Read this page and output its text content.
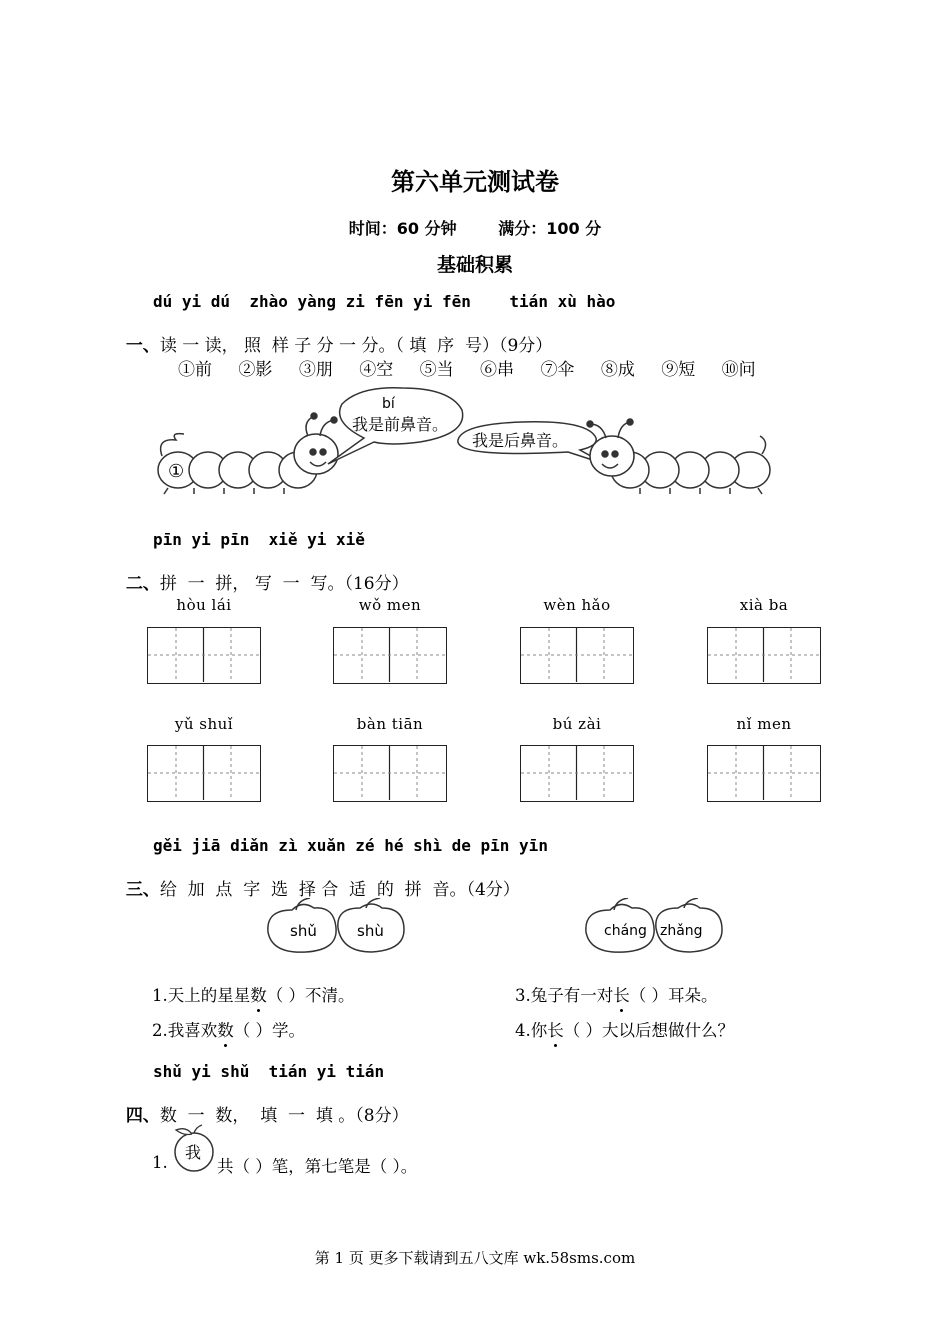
第六单元测试卷
时间：60 分钟	满分：100 分
基础积累
dú yi dú  zhào yàng zi fēn yi fēn    tián xù hào

一、读 一 读， 照  样 子 分 一 分。（ 填  序  号）（9分）

①前 ②影 ③朋 ④空 ⑤当 ⑥串 ⑦伞 ⑧成 ⑨短 ⑩问
①
bí
我是前鼻音。
我是后鼻音。
pīn yi pīn  xiě yi xiě

二、拼  一  拼， 写  一  写。（16分）

hòu lái	wǒ men	wèn hǎo	xià ba
yǔ shuǐ	bàn tiān	bú zài	nǐ men
gěi jiā diǎn zì xuǎn zé hé shì de pīn yīn

三、给  加  点  字  选  择 合  适  的  拼  音。（4分）

shǔ	shù	cháng zhǎng
1.天上的星星数（ ）不清。	3.兔子有一对长（ ）耳朵。
2.我喜欢数（ ）学。	4.你长（ ）大以后想做什么？
shǔ yi shǔ  tián yi tián

四、数  一  数，  填  一  填 。（8分）

1.
我
共（ ）笔，第七笔是（ ）。
第 1 页 更多下载请到五八文库 wk.58sms.com
